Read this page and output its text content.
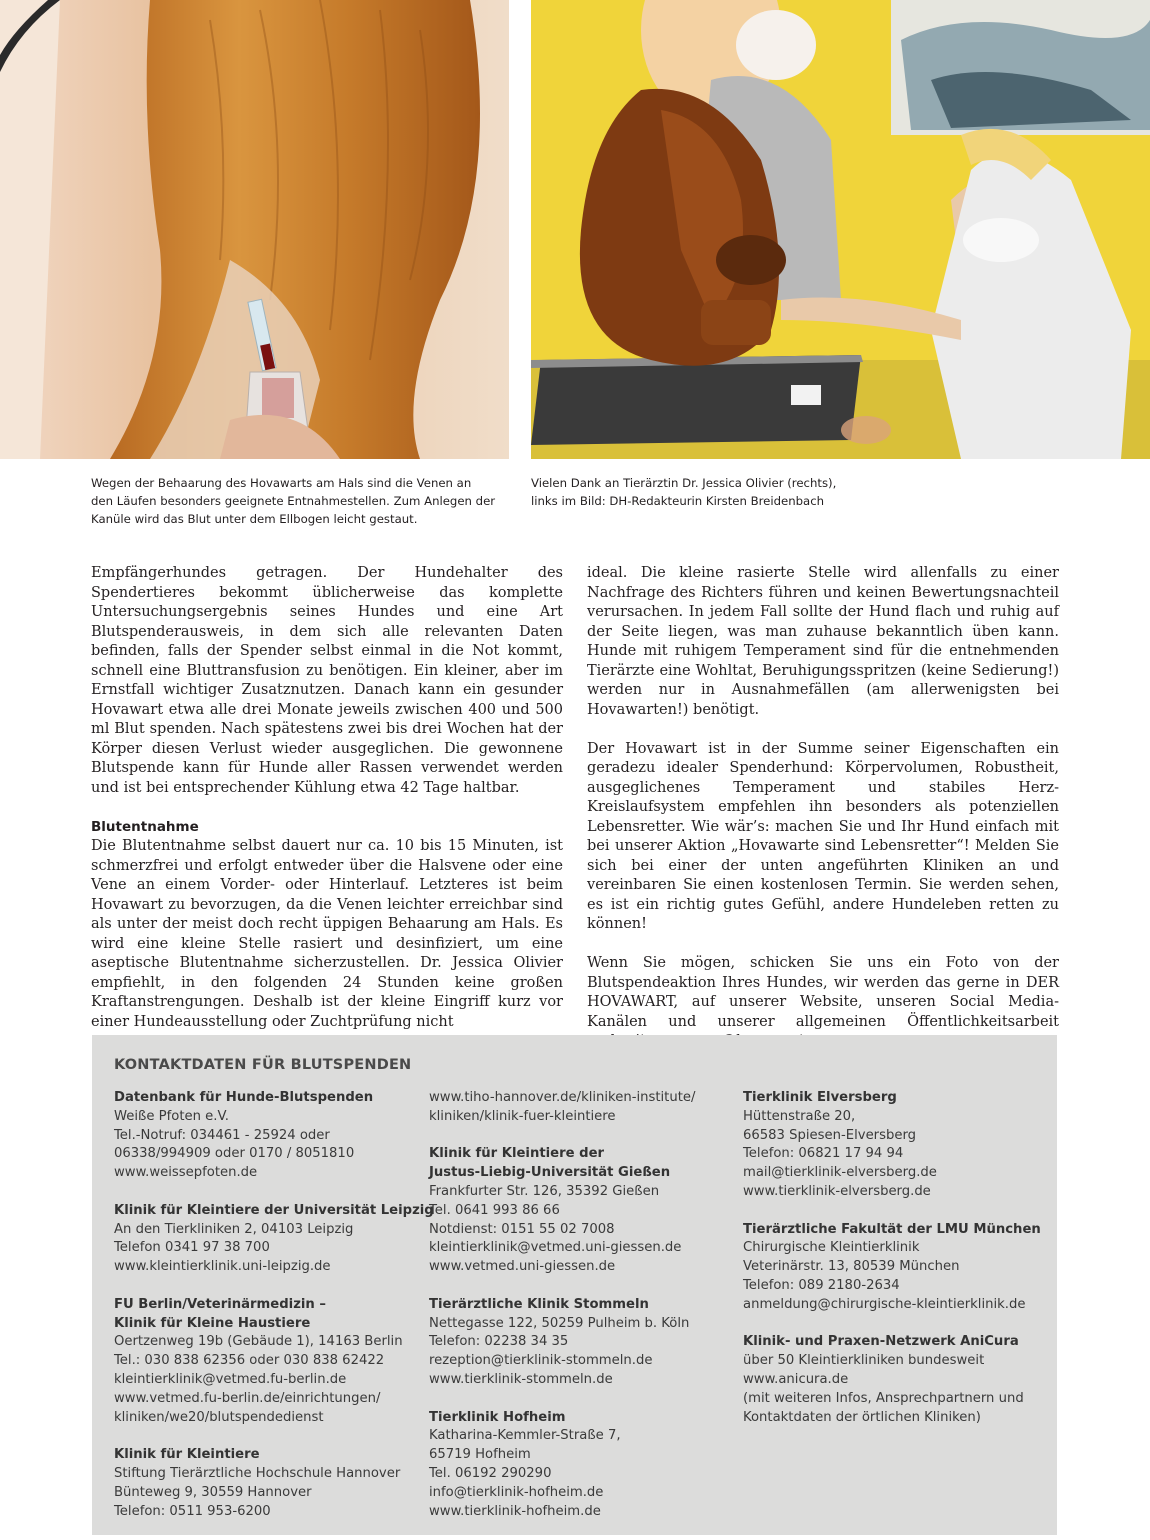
Wegen der Behaarung des Hovawarts am Hals sind die Venen an
den Läufen besonders geeignete Entnahmestellen. Zum Anlegen der
Kanüle wird das Blut unter dem Ellbogen leicht gestaut.
Vielen Dank an Tierärztin Dr. Jessica Olivier (rechts),
links im Bild: DH-Redakteurin Kirsten Breidenbach

Empfängerhundes getragen. Der Hundehalter des Spendertieres bekommt üblicherweise das komplette Untersuchungsergebnis seines Hundes und eine Art Blutspenderausweis, in dem sich alle relevanten Daten befinden, falls der Spender selbst einmal in die Not kommt, schnell eine Bluttransfusion zu benötigen. Ein kleiner, aber im Ernstfall wichtiger Zusatznutzen. Danach kann ein gesunder Hovawart etwa alle drei Monate jeweils zwischen 400 und 500 ml Blut spenden. Nach spätestens zwei bis drei Wochen hat der Körper diesen Verlust wieder ausgeglichen. Die gewonnene Blutspende kann für Hunde aller Rassen verwendet werden und ist bei entsprechender Kühlung etwa 42 Tage haltbar.

Blutentnahme

Die Blutentnahme selbst dauert nur ca. 10 bis 15 Minuten, ist schmerzfrei und erfolgt entweder über die Halsvene oder eine Vene an einem Vorder- oder Hinterlauf. Letzteres ist beim Hovawart zu bevorzugen, da die Venen leichter erreichbar sind als unter der meist doch recht üppigen Behaarung am Hals. Es wird eine kleine Stelle rasiert und desinfiziert, um eine aseptische Blutentnahme sicherzustellen. Dr. Jessica Olivier empfiehlt, in den folgenden 24 Stunden keine großen Kraftanstrengungen. Deshalb ist der kleine Eingriff kurz vor einer Hundeausstellung oder Zuchtprüfung nicht

ideal. Die kleine rasierte Stelle wird allenfalls zu einer Nachfrage des Richters führen und keinen Bewertungsnachteil verursachen. In jedem Fall sollte der Hund flach und ruhig auf der Seite liegen, was man zuhause bekanntlich üben kann. Hunde mit ruhigem Temperament sind für die entnehmenden Tierärzte eine Wohltat, Beruhigungsspritzen (keine Sedierung!) werden nur in Ausnahmefällen (am allerwenigsten bei Hovawarten!) benötigt.

Der Hovawart ist in der Summe seiner Eigenschaften ein geradezu idealer Spenderhund: Körpervolumen, Robustheit, ausgeglichenes Temperament und stabiles Herz-Kreislaufsystem empfehlen ihn besonders als potenziellen Lebensretter. Wie wär’s: machen Sie und Ihr Hund einfach mit bei unserer Aktion „Hovawarte sind Lebensretter“! Melden Sie sich bei einer der unten angeführten Kliniken an und vereinbaren Sie einen kostenlosen Termin. Sie werden sehen, es ist ein richtig gutes Gefühl, andere Hundeleben retten zu können!

Wenn Sie mögen, schicken Sie uns ein Foto von der Blutspendeaktion Ihres Hundes, wir werden das gerne in DER HOVAWART, auf unserer Website, unseren Social Media-Kanälen und unserer allgemeinen Öffentlichkeitsarbeit

KONTAKTDATEN FÜR BLUTSPENDEN
Datenbank für Hunde-Blutspenden
Weiße Pfoten e.V.
Tel.-Notruf: 034461 - 25924 oder
06338/994909 oder 0170 / 8051810
www.weissepfoten.de
Klinik für Kleintiere der Universität Leipzig
An den Tierkliniken 2, 04103 Leipzig
Telefon 0341 97 38 700
www.kleintierklinik.uni-leipzig.de
FU Berlin/Veterinärmedizin –
Klinik für Kleine Haustiere
Oertzenweg 19b (Gebäude 1), 14163 Berlin
Tel.: 030 838 62356 oder 030 838 62422
kleintierklinik@vetmed.fu-berlin.de
www.vetmed.fu-berlin.de/einrichtungen/
kliniken/we20/blutspendedienst
Klinik für Kleintiere
Stiftung Tierärztliche Hochschule Hannover
Bünteweg 9, 30559 Hannover
Telefon: 0511 953-6200
www.tiho-hannover.de/kliniken-institute/
kliniken/klinik-fuer-kleintiere
Klinik für Kleintiere der
Justus-Liebig-Universität Gießen
Frankfurter Str. 126, 35392 Gießen
Tel. 0641 993 86 66
Notdienst: 0151 55 02 7008
kleintierklinik@vetmed.uni-giessen.de
www.vetmed.uni-giessen.de
Tierärztliche Klinik Stommeln
Nettegasse 122, 50259 Pulheim b. Köln
Telefon: 02238 34 35
rezeption@tierklinik-stommeln.de
www.tierklinik-stommeln.de
Tierklinik Hofheim
Katharina-Kemmler-Straße 7,
65719 Hofheim
Tel. 06192 290290
info@tierklinik-hofheim.de
www.tierklinik-hofheim.de
Tierklinik Elversberg
Hüttenstraße 20,
66583 Spiesen-Elversberg
Telefon: 06821 17 94 94
mail@tierklinik-elversberg.de
www.tierklinik-elversberg.de
Tierärztliche Fakultät der LMU München
Chirurgische Kleintierklinik
Veterinärstr. 13, 80539 München
Telefon: 089 2180-2634
anmeldung@chirurgische-kleintierklinik.de
Klinik- und Praxen-Netzwerk AniCura
über 50 Kleintierkliniken bundesweit
www.anicura.de
(mit weiteren Infos, Ansprechpartnern und
Kontaktdaten der örtlichen Kliniken)
